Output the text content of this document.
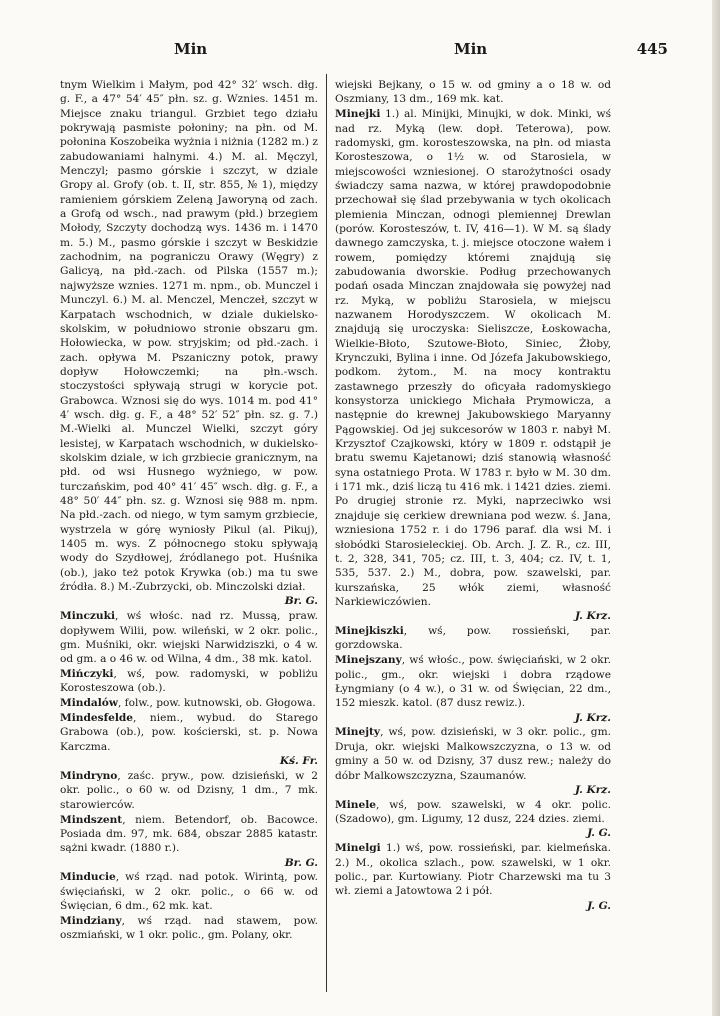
Min	Min	445

tnym Wielkim i Małym, pod 42° 32′ wsch. dłg. g. F., a 47° 54′ 45″ płn. sz. g. Wznies. 1451 m. Miejsce znaku triangul. Grzbiet tego działu pokrywają pasmiste połoniny; na płn. od M. połonina Koszobeika wyżnia i niżnia (1282 m.) z zabudowaniami halnymi. 4.) M. al. Męczyl, Menczyl; pasmo górskie i szczyt, w dziale Gropy al. Grofy (ob. t. II, str. 855, № 1), między ramieniem górskiem Zeleną Jaworyną od zach. a Grofą od wsch., nad prawym (płd.) brzegiem Mołody, Szczyty dochodzą wys. 1436 m. i 1470 m. 5.) M., pasmo górskie i szczyt w Beskidzie zachodnim, na pograniczu Orawy (Węgry) z Galicyą, na płd.-zach. od Pilska (1557 m.); najwyższe wznies. 1271 m. npm., ob. Munczel i Munczyl. 6.) M. al. Menczel, Menczeł, szczyt w Karpatach wschodnich, w dziale dukielsko-skolskim, w południowo stronie obszaru gm. Hołowiecka, w pow. stryjskim; od płd.-zach. i zach. opływa M. Pszaniczny potok, prawy dopływ Hołowczemki; na płn.-wsch. stoczystości spływają strugi w korycie pot. Grabowca. Wznosi się do wys. 1014 m. pod 41° 4′ wsch. dłg. g. F., a 48° 52′ 52″ płn. sz. g. 7.) M.-Wielki al. Munczel Wielki, szczyt góry lesistej, w Karpatach wschodnich, w dukielsko-skolskim dziale, w ich grzbiecie granicznym, na płd. od wsi Husnego wyżniego, w pow. turczańskim, pod 40° 41′ 45″ wsch. dłg. g. F., a 48° 50′ 44″ płn. sz. g. Wznosi się 988 m. npm. Na płd.-zach. od niego, w tym samym grzbiecie, wystrzela w górę wyniosły Pikul (al. Pikuj), 1405 m. wys. Z północnego stoku spływają wody do Szydłowej, źródlanego pot. Huśnika (ob.), jako też potok Krywka (ob.) ma tu swe źródła. 8.) M.-Zubrzycki, ob. Minczolski dział.

Br. G.

Minczuki, wś włośc. nad rz. Mussą, praw. dopływem Wilii, pow. wileński, w 2 okr. polic., gm. Muśniki, okr. wiejski Narwidziszki, o 4 w. od gm. a o 46 w. od Wilna, 4 dm., 38 mk. katol.

Mińczyki, wś, pow. radomyski, w pobliżu Korosteszowa (ob.).

Mindalów, folw., pow. kutnowski, ob. Głogowa.

Mindesfelde, niem., wybud. do Starego Grabowa (ob.), pow. kościerski, st. p. Nowa Karczma.

Kś. Fr.

Mindryno, zaśc. pryw., pow. dzisieński, w 2 okr. polic., o 60 w. od Dzisny, 1 dm., 7 mk. starowierców.

Mindszent, niem. Betendorf, ob. Bacowce. Posiada dm. 97, mk. 684, obszar 2885 katastr. sążni kwadr. (1880 r.).

Br. G.

Minducie, wś rząd. nad potok. Wirintą, pow. święciański, w 2 okr. polic., o 66 w. od Święcian, 6 dm., 62 mk. kat.

Mindziany, wś rząd. nad stawem, pow. oszmiański, w 1 okr. polic., gm. Polany, okr.

wiejski Bejkany, o 15 w. od gminy a o 18 w. od Oszmiany, 13 dm., 169 mk. kat.

Minejki 1.) al. Minijki, Minujki, w dok. Minki, wś nad rz. Myką (lew. dopł. Teterowa), pow. radomyski, gm. korosteszowska, na płn. od miasta Korosteszowa, o 1½ w. od Starosiela, w miejscowości wzniesionej. O starożytności osady świadczy sama nazwa, w której prawdopodobnie przechował się ślad przebywania w tych okolicach plemienia Minczan, odnogi plemiennej Drewlan (porów. Korosteszów, t. IV, 416—1). W M. są ślady dawnego zamczyska, t. j. miejsce otoczone wałem i rowem, pomiędzy któremi znajdują się zabudowania dworskie. Podług przechowanych podań osada Minczan znajdowała się powyżej nad rz. Myką, w pobliżu Starosiela, w miejscu nazwanem Horodyszczem. W okolicach M. znajdują się uroczyska: Sieliszcze, Łoskowacha, Wielkie-Błoto, Szutowe-Błoto, Siniec, Żłoby, Krynczuki, Bylina i inne. Od Józefa Jakubowskiego, podkom. żytom., M. na mocy kontraktu zastawnego przeszły do oficyała radomyskiego konsystorza unickiego Michała Prymowicza, a następnie do krewnej Jakubowskiego Maryanny Pągowskiej. Od jej sukcesorów w 1803 r. nabył M. Krzysztof Czajkowski, który w 1809 r. odstąpił je bratu swemu Kajetanowi; dziś stanowią własność syna ostatniego Prota. W 1783 r. było w M. 30 dm. i 171 mk., dziś liczą tu 416 mk. i 1421 dzies. ziemi. Po drugiej stronie rz. Myki, naprzeciwko wsi znajduje się cerkiew drewniana pod wezw. ś. Jana, wzniesiona 1752 r. i do 1796 paraf. dla wsi M. i słobódki Starosieleckiej. Ob. Arch. J. Z. R., cz. III, t. 2, 328, 341, 705; cz. III, t. 3, 404; cz. IV, t. 1, 535, 537. 2.) M., dobra, pow. szawelski, par. kurszańska, 25 włók ziemi, własność Narkiewiczówien.

J. Krz.

Minejkiszki, wś, pow. rossieński, par. gorzdowska.

Minejszany, wś włośc., pow. święciański, w 2 okr. polic., gm., okr. wiejski i dobra rządowe Łyngmiany (o 4 w.), o 31 w. od Święcian, 22 dm., 152 mieszk. katol. (87 dusz rewiz.).

J. Krz.

Minejty, wś, pow. dzisieński, w 3 okr. polic., gm. Druja, okr. wiejski Malkowszczyzna, o 13 w. od gminy a 50 w. od Dzisny, 37 dusz rew.; należy do dóbr Malkowszczyzna, Szaumanów.

J. Krz.

Minele, wś, pow. szawelski, w 4 okr. polic. (Szadowo), gm. Ligumy, 12 dusz, 224 dzies. ziemi.

J. G.

Minelgi 1.) wś, pow. rossieński, par. kielmeńska. 2.) M., okolica szlach., pow. szawelski, w 1 okr. polic., par. Kurtowiany. Piotr Charzewski ma tu 3 wł. ziemi a Jatowtowa 2 i pół.

J. G.
